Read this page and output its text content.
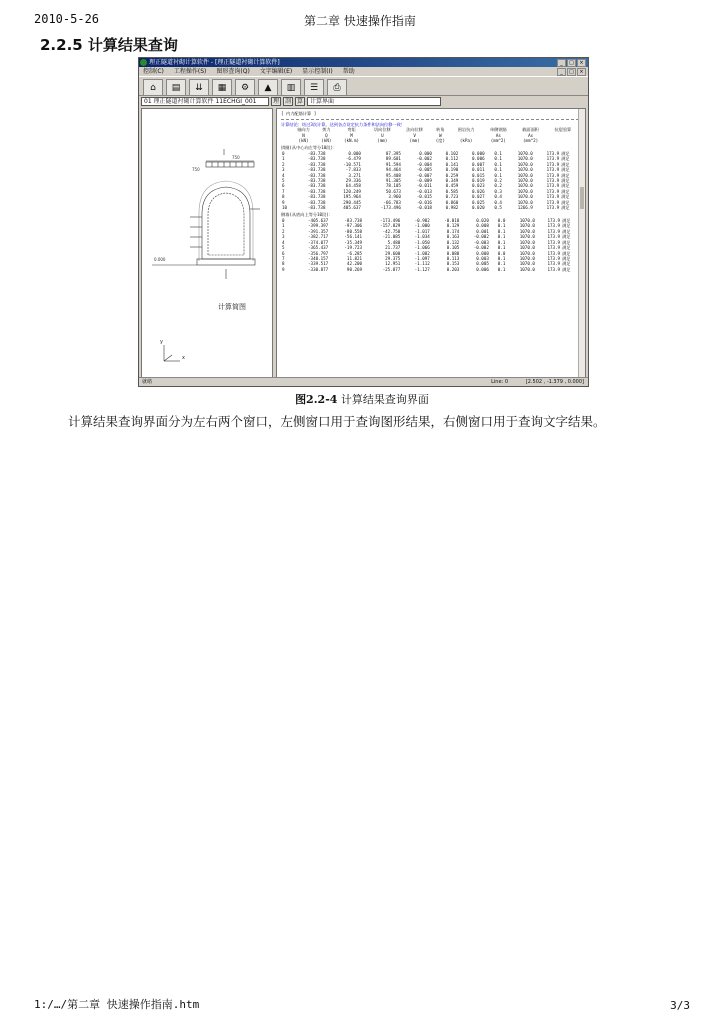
2010-5-26	第二章 快速操作指南
2.2.5 计算结果查询
理正隧道衬砌计算软件 - [理正隧道衬砌计算软件]	_	□	×
控制(C) 工程操作(S) 图形查询(Q) 文字编辑(E) 显示控制(I) 帮助	_	□	×
⌂	▤	⇊	▦	⚙	▲	▥	☰	⎙
01 理正隧道衬砌计算软件 11ECHGI_001	理	剖	算	计算界面
750
750
0.000
计算简图
x
y
[ 内力配筋计算 ]
计算结论：结过3次计算，达到各点设定抗力条件和法向位移一致！
	轴向力	剪力	弯矩	切向位移	法向位移	转角	围岩抗力	单侧钢筋	截面面积	抗裂验算
	N	Q	M	U	V	W		As	As	
	(kN)	(kN)	(kN.m)	(mm)	(mm)	(度)	(kPa)	(mm^2)	(mm^2)	
拱圈(从中心向左等分10段)：
0	-83.738	0.000	87.395	0.000	0.102	0.000	0.1	1070.0	173.9	满足
1	-83.738	-6.479	89.601	-0.002	0.112	0.006	0.1	1070.0	173.9	满足
2	-83.738	-10.571	91.594	-0.004	0.141	0.007	0.1	1070.0	173.9	满足
3	-83.738	-7.833	94.464	-0.005	0.190	0.011	0.1	1070.0	173.9	满足
4	-83.738	3.271	95.408	-0.007	0.259	0.015	0.1	1070.0	173.9	满足
5	-83.738	29.336	91.305	-0.009	0.349	0.019	0.2	1070.0	173.9	满足
6	-83.738	64.458	78.105	-0.011	0.459	0.023	0.2	1070.0	173.9	满足
7	-83.738	120.249	50.673	-0.013	0.585	0.026	0.3	1070.0	173.9	满足
8	-83.738	195.964	3.960	-0.015	0.723	0.027	0.4	1070.0	173.9	满足
9	-83.738	290.445	-66.783	-0.016	0.860	0.025	0.4	1070.0	173.9	满足
10	-83.738	405.637	-173.496	-0.018	0.982	0.020	0.5	1266.9	173.9	满足
侧墙(从底向上等分10段)：
0	-405.637	-83.738	-173.496	-0.982	-0.018	0.020	0.0	1070.0	173.9	满足
1	-399.397	-97.306	-157.829	-1.000	0.129	0.008	0.1	1070.0	173.9	满足
2	-391.357	-80.558	-42.750	-1.017	0.174	0.001	0.1	1070.0	173.9	满足
3	-382.717	-56.141	-21.085	-1.034	0.163	-0.002	0.1	1070.0	173.9	满足
4	-374.077	-35.349	5.480	-1.050	0.132	-0.003	0.1	1070.0	173.9	满足
5	-365.437	-19.723	21.737	-1.066	0.105	-0.002	0.1	1070.0	173.9	满足
6	-356.797	-6.285	29.600	-1.082	0.080	0.000	0.0	1070.0	173.9	满足
7	-348.157	11.821	29.375	-1.097	0.113	0.003	0.1	1070.0	173.9	满足
8	-339.517	42.200	12.951	-1.112	0.153	0.005	0.1	1070.0	173.9	满足
9	-330.877	90.269	-25.877	-1.127	0.203	0.006	0.1	1070.0	173.9	满足
就绪	Line: 0	[2.502 , -1.379 , 0.000]
图2.2-4 计算结果查询界面
计算结果查询界面分为左右两个窗口，左侧窗口用于查询图形结果，右侧窗口用于查询文字结果。
1:/…/第二章 快速操作指南.htm	3/3
